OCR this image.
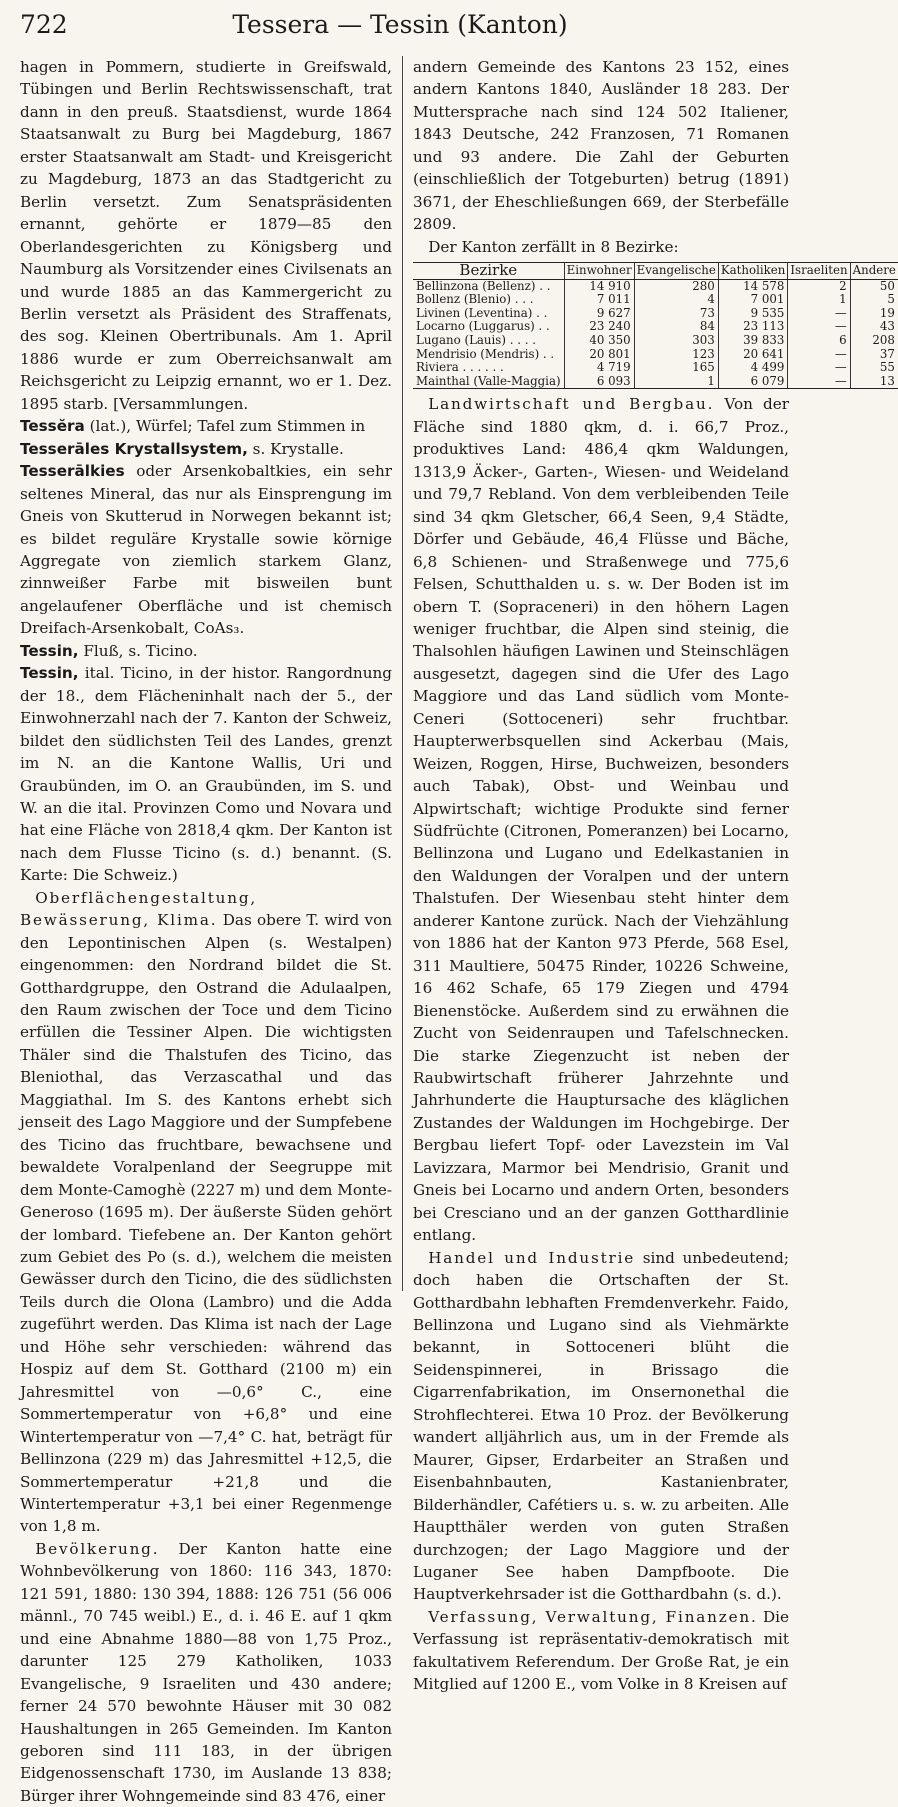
722	Tessera — Tessin (Kanton)

hagen in Pommern, studierte in Greifswald, Tübingen und Berlin Rechtswissenschaft, trat dann in den preuß. Staatsdienst, wurde 1864 Staatsanwalt zu Burg bei Magdeburg, 1867 erster Staatsanwalt am Stadt- und Kreisgericht zu Magdeburg, 1873 an das Stadtgericht zu Berlin versetzt. Zum Senatspräsidenten ernannt, gehörte er 1879—85 den Oberlandesgerichten zu Königsberg und Naumburg als Vorsitzender eines Civilsenats an und wurde 1885 an das Kammergericht zu Berlin versetzt als Präsident des Straffenats, des sog. Kleinen Obertribunals. Am 1. April 1886 wurde er zum Oberreichsanwalt am Reichsgericht zu Leipzig ernannt, wo er 1. Dez. 1895 starb. [Versammlungen.

Tessĕra (lat.), Würfel; Tafel zum Stimmen in

Tesserāles Krystallsystem, s. Krystalle.

Tesserālkies oder Arsenkobaltkies, ein sehr seltenes Mineral, das nur als Einsprengung im Gneis von Skutterud in Norwegen bekannt ist; es bildet reguläre Krystalle sowie körnige Aggregate von ziemlich starkem Glanz, zinnweißer Farbe mit bisweilen bunt angelaufener Oberfläche und ist chemisch Dreifach-Arsenkobalt, CoAs₃.

Tessin, Fluß, s. Ticino.

Tessin, ital. Ticino, in der histor. Rangordnung der 18., dem Flächeninhalt nach der 5., der Einwohnerzahl nach der 7. Kanton der Schweiz, bildet den südlichsten Teil des Landes, grenzt im N. an die Kantone Wallis, Uri und Graubünden, im O. an Graubünden, im S. und W. an die ital. Provinzen Como und Novara und hat eine Fläche von 2818,4 qkm. Der Kanton ist nach dem Flusse Ticino (s. d.) benannt. (S. Karte: Die Schweiz.)

Oberflächengestaltung, Bewässerung, Klima. Das obere T. wird von den Lepontinischen Alpen (s. Westalpen) eingenommen: den Nordrand bildet die St. Gotthardgruppe, den Ostrand die Adulaalpen, den Raum zwischen der Toce und dem Ticino erfüllen die Tessiner Alpen. Die wichtigsten Thäler sind die Thalstufen des Ticino, das Bleniothal, das Verzascathal und das Maggiathal. Im S. des Kantons erhebt sich jenseit des Lago Maggiore und der Sumpfebene des Ticino das fruchtbare, bewachsene und bewaldete Voralpenland der Seegruppe mit dem Monte-Camoghè (2227 m) und dem Monte-Generoso (1695 m). Der äußerste Süden gehört der lombard. Tiefebene an. Der Kanton gehört zum Gebiet des Po (s. d.), welchem die meisten Gewässer durch den Ticino, die des südlichsten Teils durch die Olona (Lambro) und die Adda zugeführt werden. Das Klima ist nach der Lage und Höhe sehr verschieden: während das Hospiz auf dem St. Gotthard (2100 m) ein Jahresmittel von —0,6° C., eine Sommertemperatur von +6,8° und eine Wintertemperatur von —7,4° C. hat, beträgt für Bellinzona (229 m) das Jahresmittel +12,5, die Sommertemperatur +21,8 und die Wintertemperatur +3,1 bei einer Regenmenge von 1,8 m.

Bevölkerung. Der Kanton hatte eine Wohnbevölkerung von 1860: 116 343, 1870: 121 591, 1880: 130 394, 1888: 126 751 (56 006 männl., 70 745 weibl.) E., d. i. 46 E. auf 1 qkm und eine Abnahme 1880—88 von 1,75 Proz., darunter 125 279 Katholiken, 1033 Evangelische, 9 Israeliten und 430 andere; ferner 24 570 bewohnte Häuser mit 30 082 Haushaltungen in 265 Gemeinden. Im Kanton geboren sind 111 183, in der übrigen Eidgenossenschaft 1730, im Auslande 13 838; Bürger ihrer Wohngemeinde sind 83 476, einer

andern Gemeinde des Kantons 23 152, eines andern Kantons 1840, Ausländer 18 283. Der Muttersprache nach sind 124 502 Italiener, 1843 Deutsche, 242 Franzosen, 71 Romanen und 93 andere. Die Zahl der Geburten (einschließlich der Totgeburten) betrug (1891) 3671, der Eheschließungen 669, der Sterbefälle 2809.

Der Kanton zerfällt in 8 Bezirke:

Bezirke	Einwohner	Evangelische	Katholiken	Israeliten	Andere
Bellinzona (Bellenz) . .	14 910	280	14 578	2	50
Bollenz (Blenio) . . .	7 011	4	7 001	1	5
Livinen (Leventina) . .	9 627	73	9 535	—	19
Locarno (Luggarus) . .	23 240	84	23 113	—	43
Lugano (Lauis) . . . .	40 350	303	39 833	6	208
Mendrisio (Mendris) . .	20 801	123	20 641	—	37
Riviera . . . . . .	4 719	165	4 499	—	55
Mainthal (Valle-Maggia)	6 093	1	6 079	—	13

Landwirtschaft und Bergbau. Von der Fläche sind 1880 qkm, d. i. 66,7 Proz., produktives Land: 486,4 qkm Waldungen, 1313,9 Äcker-, Garten-, Wiesen- und Weideland und 79,7 Rebland. Von dem verbleibenden Teile sind 34 qkm Gletscher, 66,4 Seen, 9,4 Städte, Dörfer und Gebäude, 46,4 Flüsse und Bäche, 6,8 Schienen- und Straßenwege und 775,6 Felsen, Schutthalden u. s. w. Der Boden ist im obern T. (Sopraceneri) in den höhern Lagen weniger fruchtbar, die Alpen sind steinig, die Thalsohlen häufigen Lawinen und Steinschlägen ausgesetzt, dagegen sind die Ufer des Lago Maggiore und das Land südlich vom Monte-Ceneri (Sottoceneri) sehr fruchtbar. Haupterwerbsquellen sind Ackerbau (Mais, Weizen, Roggen, Hirse, Buchweizen, besonders auch Tabak), Obst- und Weinbau und Alpwirtschaft; wichtige Produkte sind ferner Südfrüchte (Citronen, Pomeranzen) bei Locarno, Bellinzona und Lugano und Edelkastanien in den Waldungen der Voralpen und der untern Thalstufen. Der Wiesenbau steht hinter dem anderer Kantone zurück. Nach der Viehzählung von 1886 hat der Kanton 973 Pferde, 568 Esel, 311 Maultiere, 50475 Rinder, 10226 Schweine, 16 462 Schafe, 65 179 Ziegen und 4794 Bienenstöcke. Außerdem sind zu erwähnen die Zucht von Seidenraupen und Tafelschnecken. Die starke Ziegenzucht ist neben der Raubwirtschaft früherer Jahrzehnte und Jahrhunderte die Hauptursache des kläglichen Zustandes der Waldungen im Hochgebirge. Der Bergbau liefert Topf- oder Lavezstein im Val Lavizzara, Marmor bei Mendrisio, Granit und Gneis bei Locarno und andern Orten, besonders bei Cresciano und an der ganzen Gotthardlinie entlang.

Handel und Industrie sind unbedeutend; doch haben die Ortschaften der St. Gotthardbahn lebhaften Fremdenverkehr. Faido, Bellinzona und Lugano sind als Viehmärkte bekannt, in Sottoceneri blüht die Seidenspinnerei, in Brissago die Cigarrenfabrikation, im Onsernonethal die Strohflechterei. Etwa 10 Proz. der Bevölkerung wandert alljährlich aus, um in der Fremde als Maurer, Gipser, Erdarbeiter an Straßen und Eisenbahnbauten, Kastanienbrater, Bilderhändler, Cafétiers u. s. w. zu arbeiten. Alle Hauptthäler werden von guten Straßen durchzogen; der Lago Maggiore und der Luganer See haben Dampfboote. Die Hauptverkehrsader ist die Gotthardbahn (s. d.).

Verfassung, Verwaltung, Finanzen. Die Verfassung ist repräsentativ-demokratisch mit fakultativem Referendum. Der Große Rat, je ein Mitglied auf 1200 E., vom Volke in 8 Kreisen auf
